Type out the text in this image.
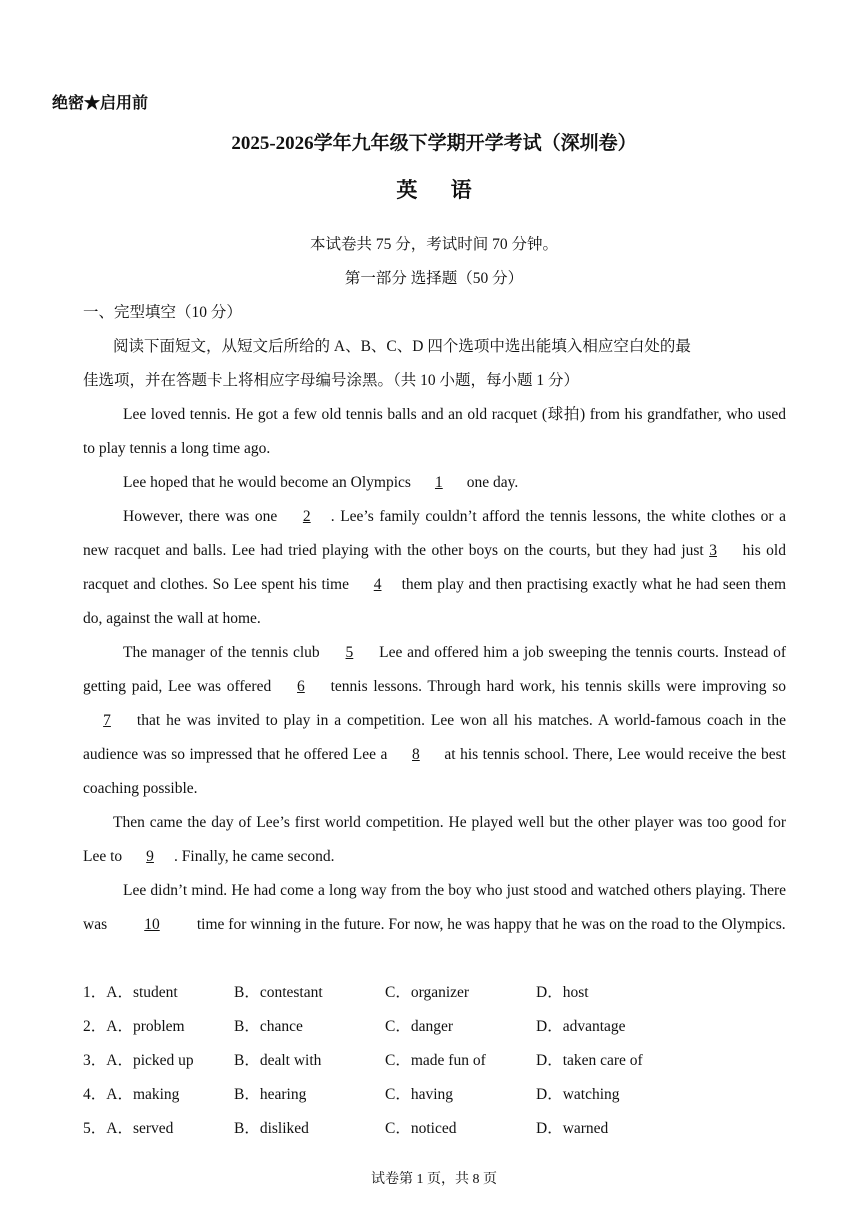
绝密★启用前
2025-2026学年九年级下学期开学考试（深圳卷）
英 语
本试卷共 75 分，考试时间 70 分钟。
第一部分 选择题（50 分）
一、完型填空（10 分）

阅读下面短文，从短文后所给的 A、B、C、D 四个选项中选出能填入相应空白处的最

佳选项，并在答题卡上将相应字母编号涂黑。（共 10 小题，每小题 1 分）

Lee loved tennis. He got a few old tennis balls and an old racquet (球拍) from his grandfather, who used to play tennis a long time ago.

Lee hoped that he would become an Olympics 1 one day.

However, there was one 2 . Lee’s family couldn’t afford the tennis lessons, the white clothes or a new racquet and balls. Lee had tried playing with the other boys on the courts, but they had just 3 his old racquet and clothes. So Lee spent his time 4 them play and then practising exactly what he had seen them do, against the wall at home.

The manager of the tennis club 5 Lee and offered him a job sweeping the tennis courts. Instead of getting paid, Lee was offered 6 tennis lessons. Through hard work, his tennis skills were improving so 7 that he was invited to play in a competition. Lee won all his matches. A world-famous coach in the audience was so impressed that he offered Lee a 8 at his tennis school. There, Lee would receive the best coaching possible.

Then came the day of Lee’s first world competition. He played well but the other player was too good for Lee to 9 . Finally, he came second.

Lee didn’t mind. He had come a long way from the boy who just stood and watched others playing. There was 10 time for winning in the future. For now, he was happy that he was on the road to the Olympics.

1．A．student	B．contestant	C．organizer	D．host
2．A．problem	B．chance	C．danger	D．advantage
3．A．picked up	B．dealt with	C．made fun of	D．taken care of
4．A．making	B．hearing	C．having	D．watching
5．A．served	B．disliked	C．noticed	D．warned
试卷第 1 页，共 8 页
